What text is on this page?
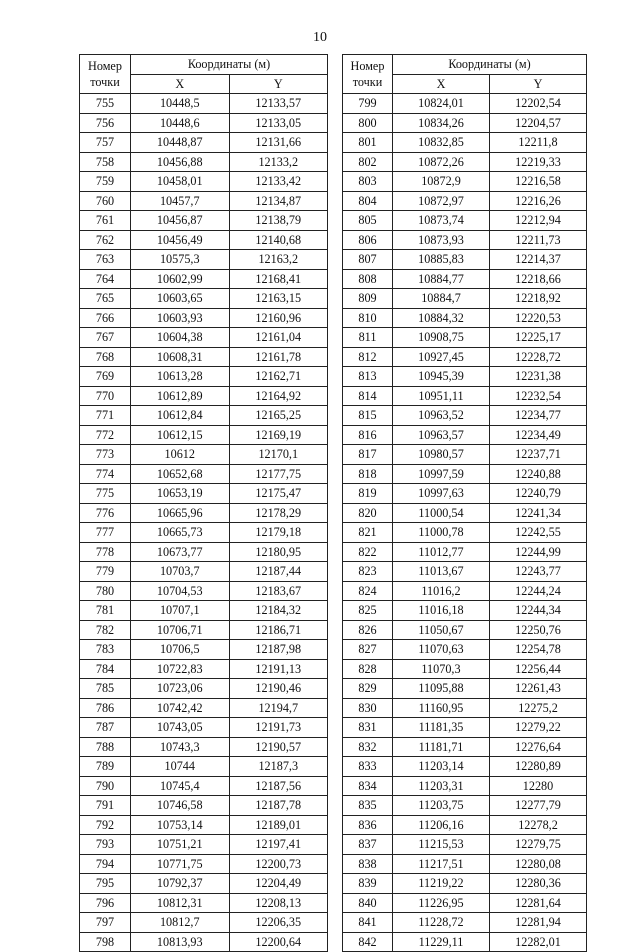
10
Номер
точки	Координаты (м)	
	X	Y
755	10448,5	12133,57
756	10448,6	12133,05
757	10448,87	12131,66
758	10456,88	12133,2
759	10458,01	12133,42
760	10457,7	12134,87
761	10456,87	12138,79
762	10456,49	12140,68
763	10575,3	12163,2
764	10602,99	12168,41
765	10603,65	12163,15
766	10603,93	12160,96
767	10604,38	12161,04
768	10608,31	12161,78
769	10613,28	12162,71
770	10612,89	12164,92
771	10612,84	12165,25
772	10612,15	12169,19
773	10612	12170,1
774	10652,68	12177,75
775	10653,19	12175,47
776	10665,96	12178,29
777	10665,73	12179,18
778	10673,77	12180,95
779	10703,7	12187,44
780	10704,53	12183,67
781	10707,1	12184,32
782	10706,71	12186,71
783	10706,5	12187,98
784	10722,83	12191,13
785	10723,06	12190,46
786	10742,42	12194,7
787	10743,05	12191,73
788	10743,3	12190,57
789	10744	12187,3
790	10745,4	12187,56
791	10746,58	12187,78
792	10753,14	12189,01
793	10751,21	12197,41
794	10771,75	12200,73
795	10792,37	12204,49
796	10812,31	12208,13
797	10812,7	12206,35
798	10813,93	12200,64
Номер
точки	Координаты (м)	
	X	Y
799	10824,01	12202,54
800	10834,26	12204,57
801	10832,85	12211,8
802	10872,26	12219,33
803	10872,9	12216,58
804	10872,97	12216,26
805	10873,74	12212,94
806	10873,93	12211,73
807	10885,83	12214,37
808	10884,77	12218,66
809	10884,7	12218,92
810	10884,32	12220,53
811	10908,75	12225,17
812	10927,45	12228,72
813	10945,39	12231,38
814	10951,11	12232,54
815	10963,52	12234,77
816	10963,57	12234,49
817	10980,57	12237,71
818	10997,59	12240,88
819	10997,63	12240,79
820	11000,54	12241,34
821	11000,78	12242,55
822	11012,77	12244,99
823	11013,67	12243,77
824	11016,2	12244,24
825	11016,18	12244,34
826	11050,67	12250,76
827	11070,63	12254,78
828	11070,3	12256,44
829	11095,88	12261,43
830	11160,95	12275,2
831	11181,35	12279,22
832	11181,71	12276,64
833	11203,14	12280,89
834	11203,31	12280
835	11203,75	12277,79
836	11206,16	12278,2
837	11215,53	12279,75
838	11217,51	12280,08
839	11219,22	12280,36
840	11226,95	12281,64
841	11228,72	12281,94
842	11229,11	12282,01
